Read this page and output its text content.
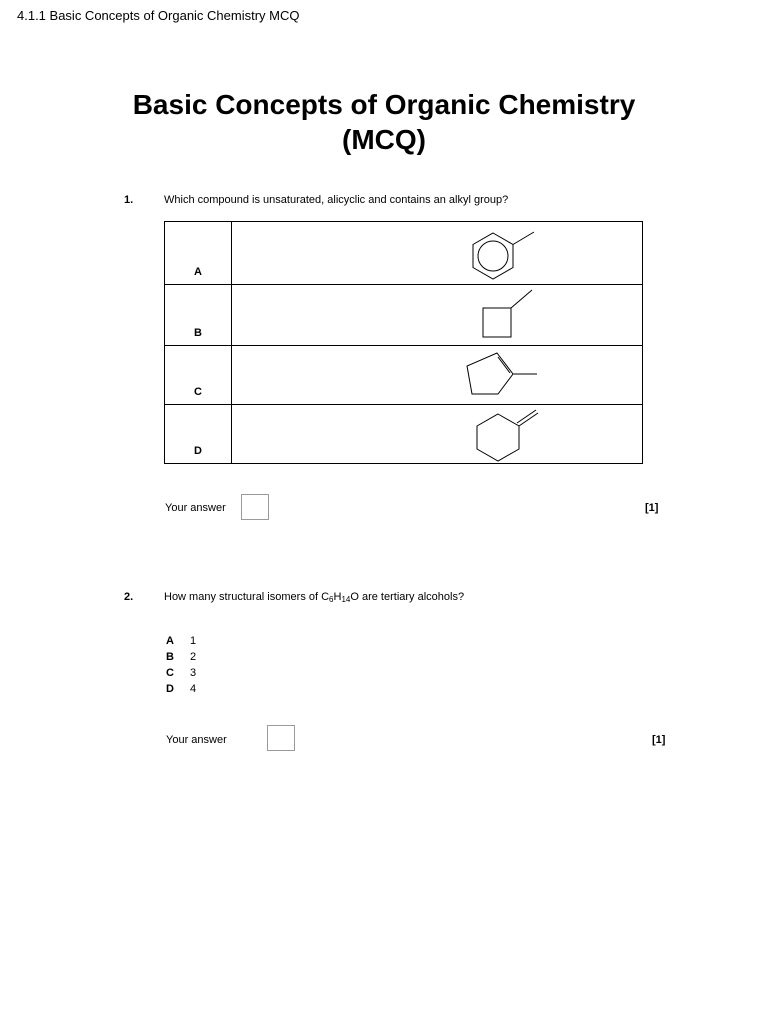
4.1.1 Basic Concepts of Organic Chemistry MCQ
Basic Concepts of Organic Chemistry
(MCQ)
1.	Which compound is unsaturated, alicyclic and contains an alkyl group?
A	

B	

C	

D	
Your answer	[1]
2.	How many structural isomers of $C_6H_{14}O$ are tertiary alcohols?
A	1
B	2
C	3
D	4
Your answer	[1]
